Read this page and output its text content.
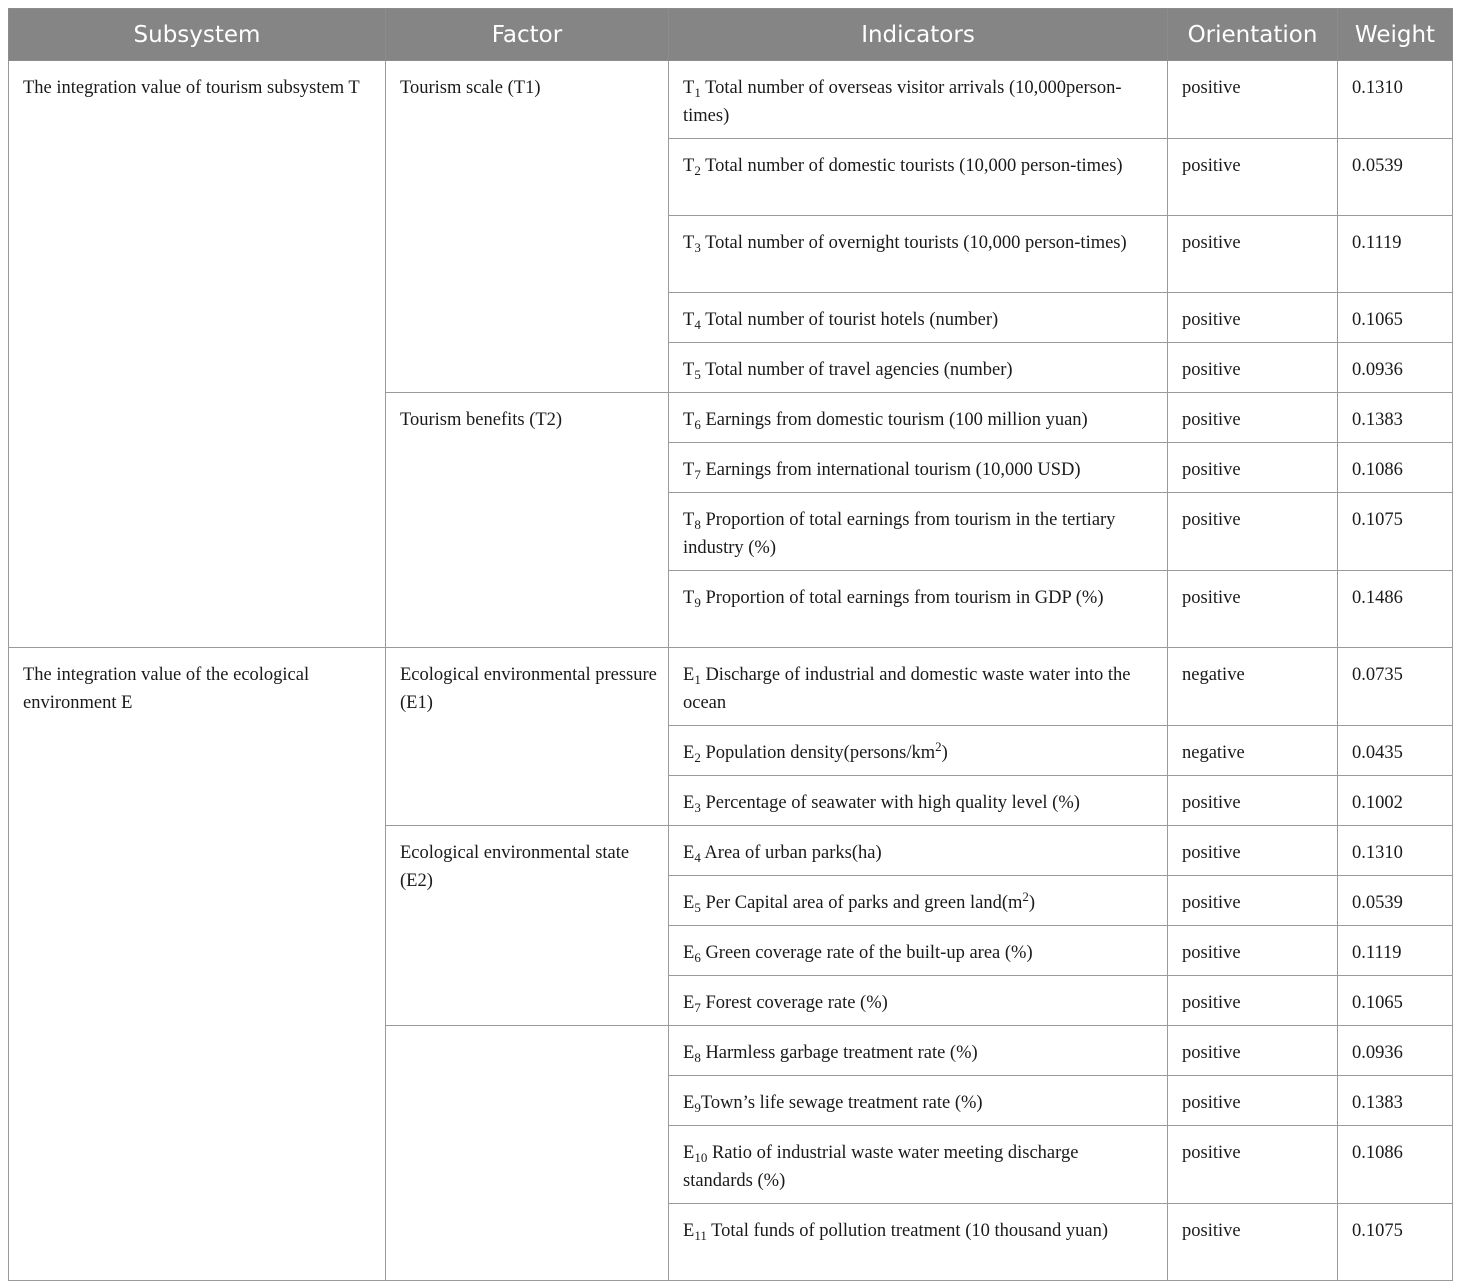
Subsystem	Factor	Indicators	Orientation	Weight
The integration value of tourism subsystem T	Tourism scale (T1)	$T_1$ Total number of overseas visitor arrivals (10,000person-times)	positive	0.1310
		$T_2$ Total number of domestic tourists (10,000 person-times)	positive	0.0539
		$T_3$ Total number of overnight tourists (10,000 person-times)	positive	0.1119
		$T_4$ Total number of tourist hotels (number)	positive	0.1065
		$T_5$ Total number of travel agencies (number)	positive	0.0936
	Tourism benefits (T2)	$T_6$ Earnings from domestic tourism (100 million yuan)	positive	0.1383
		$T_7$ Earnings from international tourism (10,000 USD)	positive	0.1086
		$T_8$ Proportion of total earnings from tourism in the tertiary industry (%)	positive	0.1075
		$T_9$ Proportion of total earnings from tourism in GDP (%)	positive	0.1486
The integration value of the ecological environment E	Ecological environmental pressure (E1)	$E_1$ Discharge of industrial and domestic waste water into the ocean	negative	0.0735
		$E_2$ Population $density(persons/km^2)$	negative	0.0435
		$E_3$ Percentage of seawater with high quality level (%)	positive	0.1002
	Ecological environmental state (E2)	$E_4$ Area of urban parks(ha)	positive	0.1310
		$E_5$ Per Capital area of parks and green $land(m^2)$	positive	0.0539
		$E_6$ Green coverage rate of the built-up area (%)	positive	0.1119
		$E_7$ Forest coverage rate (%)	positive	0.1065
		$E_8$ Harmless garbage treatment rate (%)	positive	0.0936
		$E_9Town’s$ life sewage treatment rate (%)	positive	0.1383
		$E_{10}$ Ratio of industrial waste water meeting discharge standards (%)	positive	0.1086
		$E_{11}$ Total funds of pollution treatment (10 thousand yuan)	positive	0.1075
